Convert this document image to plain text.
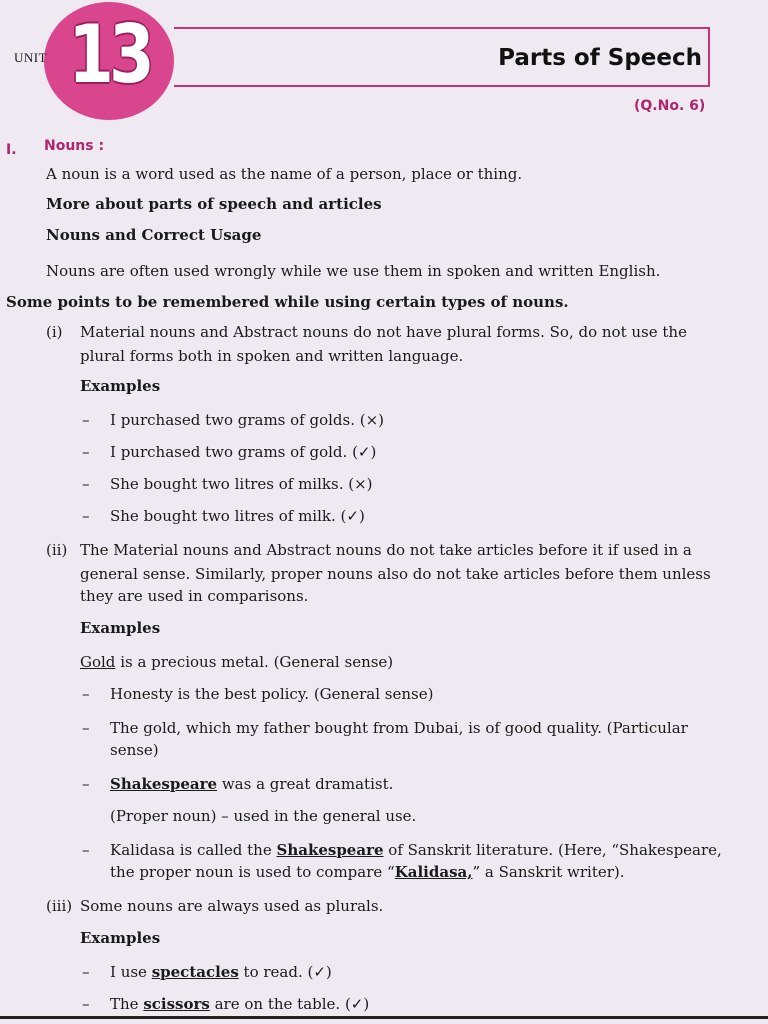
13
UNIT	Parts of Speech
(Q.No. 6)
I. Nouns :
A noun is a word used as the name of a person, place or thing.
More about parts of speech and articles
Nouns and Correct Usage
Nouns are often used wrongly while we use them in spoken and written English.
Some points to be remembered while using certain types of nouns.
(i) Material nouns and Abstract nouns do not have plural forms. So, do not use the
plural forms both in spoken and written language.
Examples
– I purchased two grams of golds. (×)
– I purchased two grams of gold. (✓)
– She bought two litres of milks. (×)
– She bought two litres of milk. (✓)
(ii) The Material nouns and Abstract nouns do not take articles before it if used in a
general sense. Similarly, proper nouns also do not take articles before them unless
they are used in comparisons.
Examples
Gold is a precious metal. (General sense)
– Honesty is the best policy. (General sense)
– The gold, which my father bought from Dubai, is of good quality. (Particular
sense)
– Shakespeare was a great dramatist.
(Proper noun) – used in the general use.
– Kalidasa is called the Shakespeare of Sanskrit literature. (Here, “Shakespeare,
the proper noun is used to compare “Kalidasa,” a Sanskrit writer).
(iii) Some nouns are always used as plurals.
Examples
– I use spectacles to read. (✓)
– The scissors are on the table. (✓)
